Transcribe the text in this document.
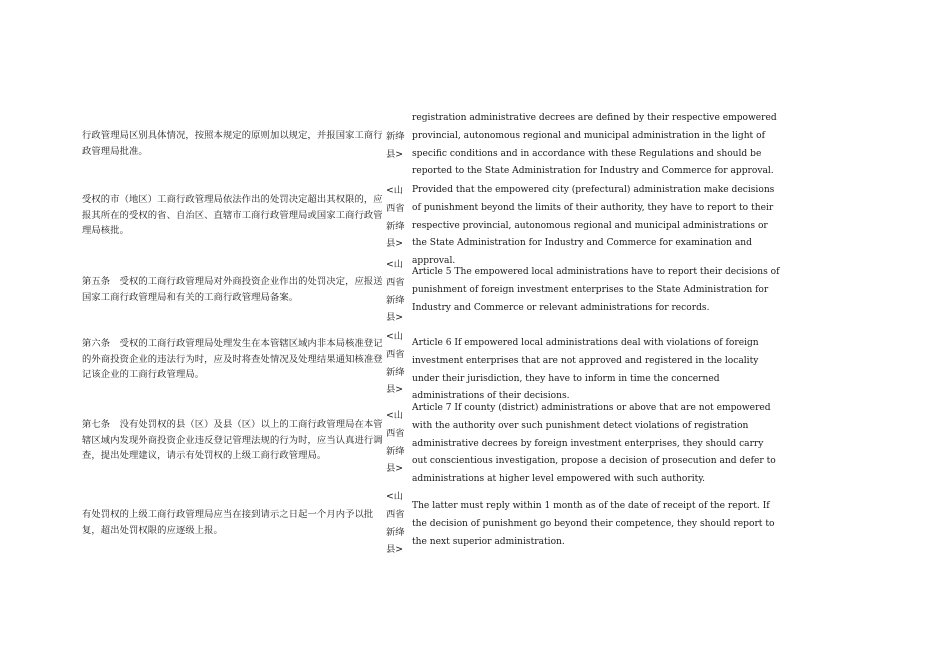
行政管理局区别具体情况，按照本规定的原则加以规定，并报国家工商行政管理局批准。
新绛县>
registration administrative decrees are defined by their respective empowered provincial, autonomous regional and municipal administration in the light of specific conditions and in accordance with these Regulations and should be reported to the State Administration for Industry and Commerce for approval.
受权的市（地区）工商行政管理局依法作出的处罚决定超出其权限的，应报其所在的受权的省、自治区、直辖市工商行政管理局或国家工商行政管理局核批。
<山西省新绛县>
Provided that the empowered city (prefectural) administration make decisions of punishment beyond the limits of their authority, they have to report to their respective provincial, autonomous regional and municipal administrations or the State Administration for Industry and Commerce for examination and approval.
第五条　受权的工商行政管理局对外商投资企业作出的处罚决定，应报送国家工商行政管理局和有关的工商行政管理局备案。
<山西省新绛县>
Article 5 The empowered local administrations have to report their decisions of punishment of foreign investment enterprises to the State Administration for Industry and Commerce or relevant administrations for records.
第六条　受权的工商行政管理局处理发生在本管辖区域内非本局核准登记的外商投资企业的违法行为时，应及时将查处情况及处理结果通知核准登记该企业的工商行政管理局。
<山西省新绛县>
Article 6 If empowered local administrations deal with violations of foreign investment enterprises that are not approved and registered in the locality under their jurisdiction, they have to inform in time the concerned administrations of their decisions.
第七条　没有处罚权的县（区）及县（区）以上的工商行政管理局在本管辖区域内发现外商投资企业违反登记管理法规的行为时，应当认真进行调查，提出处理建议，请示有处罚权的上级工商行政管理局。
<山西省新绛县>
Article 7 If county (district) administrations or above that are not empowered with the authority over such punishment detect violations of registration administrative decrees by foreign investment enterprises, they should carry out conscientious investigation, propose a decision of prosecution and defer to administrations at higher level empowered with such authority.
有处罚权的上级工商行政管理局应当在接到请示之日起一个月内予以批复，超出处罚权限的应逐级上报。
<山西省新绛县>
The latter must reply within 1 month as of the date of receipt of the report. If the decision of punishment go beyond their competence, they should report to the next superior administration.
